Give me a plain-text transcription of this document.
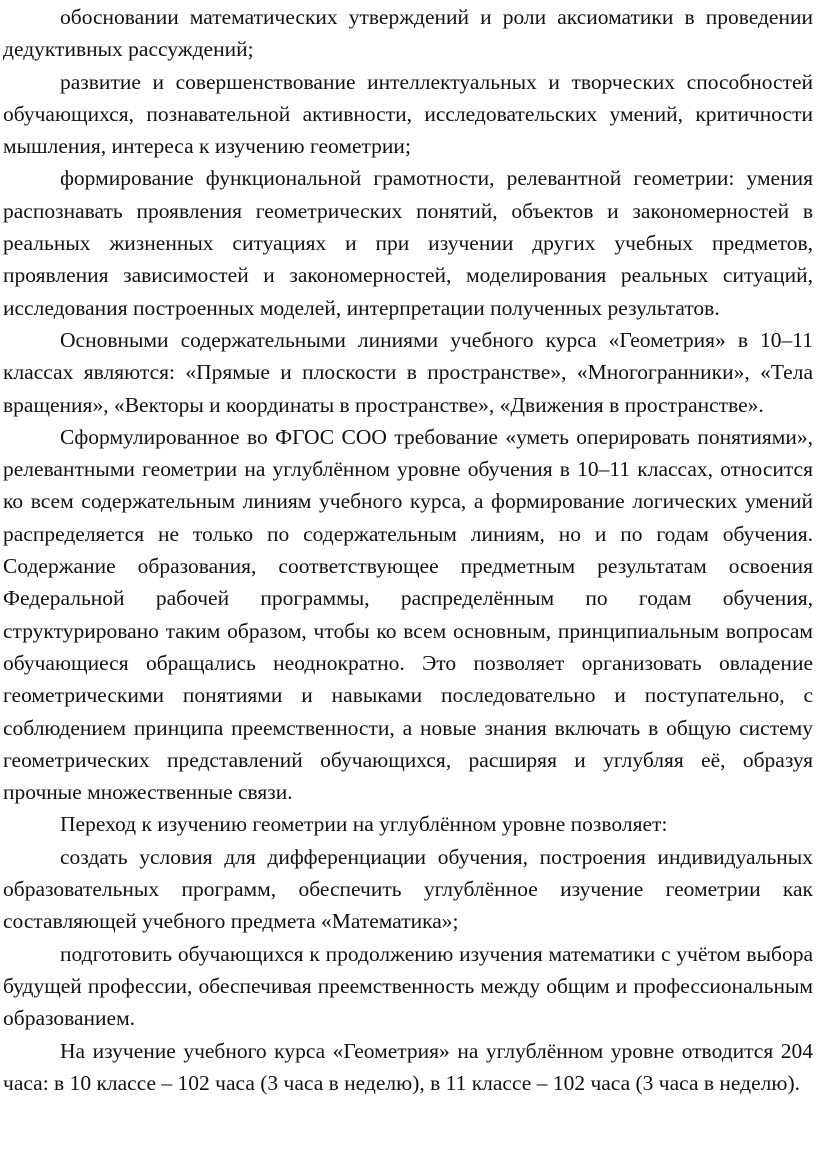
обосновании математических утверждений и роли аксиоматики в проведении дедуктивных рассуждений;

развитие и совершенствование интеллектуальных и творческих способностей обучающихся, познавательной активности, исследовательских умений, критичности мышления, интереса к изучению геометрии;

формирование функциональной грамотности, релевантной геометрии: умения распознавать проявления геометрических понятий, объектов и закономерностей в реальных жизненных ситуациях и при изучении других учебных предметов, проявления зависимостей и закономерностей, моделирования реальных ситуаций, исследования построенных моделей, интерпретации полученных результатов.

Основными содержательными линиями учебного курса «Геометрия» в 10–11 классах являются: «Прямые и плоскости в пространстве», «Многогранники», «Тела вращения», «Векторы и координаты в пространстве», «Движения в пространстве».

Сформулированное во ФГОС СОО требование «уметь оперировать понятиями», релевантными геометрии на углублённом уровне обучения в 10–11 классах, относится ко всем содержательным линиям учебного курса, а формирование логических умений распределяется не только по содержательным линиям, но и по годам обучения. Содержание образования, соответствующее предметным результатам освоения Федеральной рабочей программы, распределённым по годам обучения, структурировано таким образом, чтобы ко всем основным, принципиальным вопросам обучающиеся обращались неоднократно. Это позволяет организовать овладение геометрическими понятиями и навыками последовательно и поступательно, с соблюдением принципа преемственности, а новые знания включать в общую систему геометрических представлений обучающихся, расширяя и углубляя её, образуя прочные множественные связи.

Переход к изучению геометрии на углублённом уровне позволяет:

создать условия для дифференциации обучения, построения индивидуальных образовательных программ, обеспечить углублённое изучение геометрии как составляющей учебного предмета «Математика»;

подготовить обучающихся к продолжению изучения математики с учётом выбора будущей профессии, обеспечивая преемственность между общим и профессиональным образованием.

На изучение учебного курса «Геометрия» на углублённом уровне отводится 204 часа: в 10 классе – 102 часа (3 часа в неделю), в 11 классе – 102 часа (3 часа в неделю).
